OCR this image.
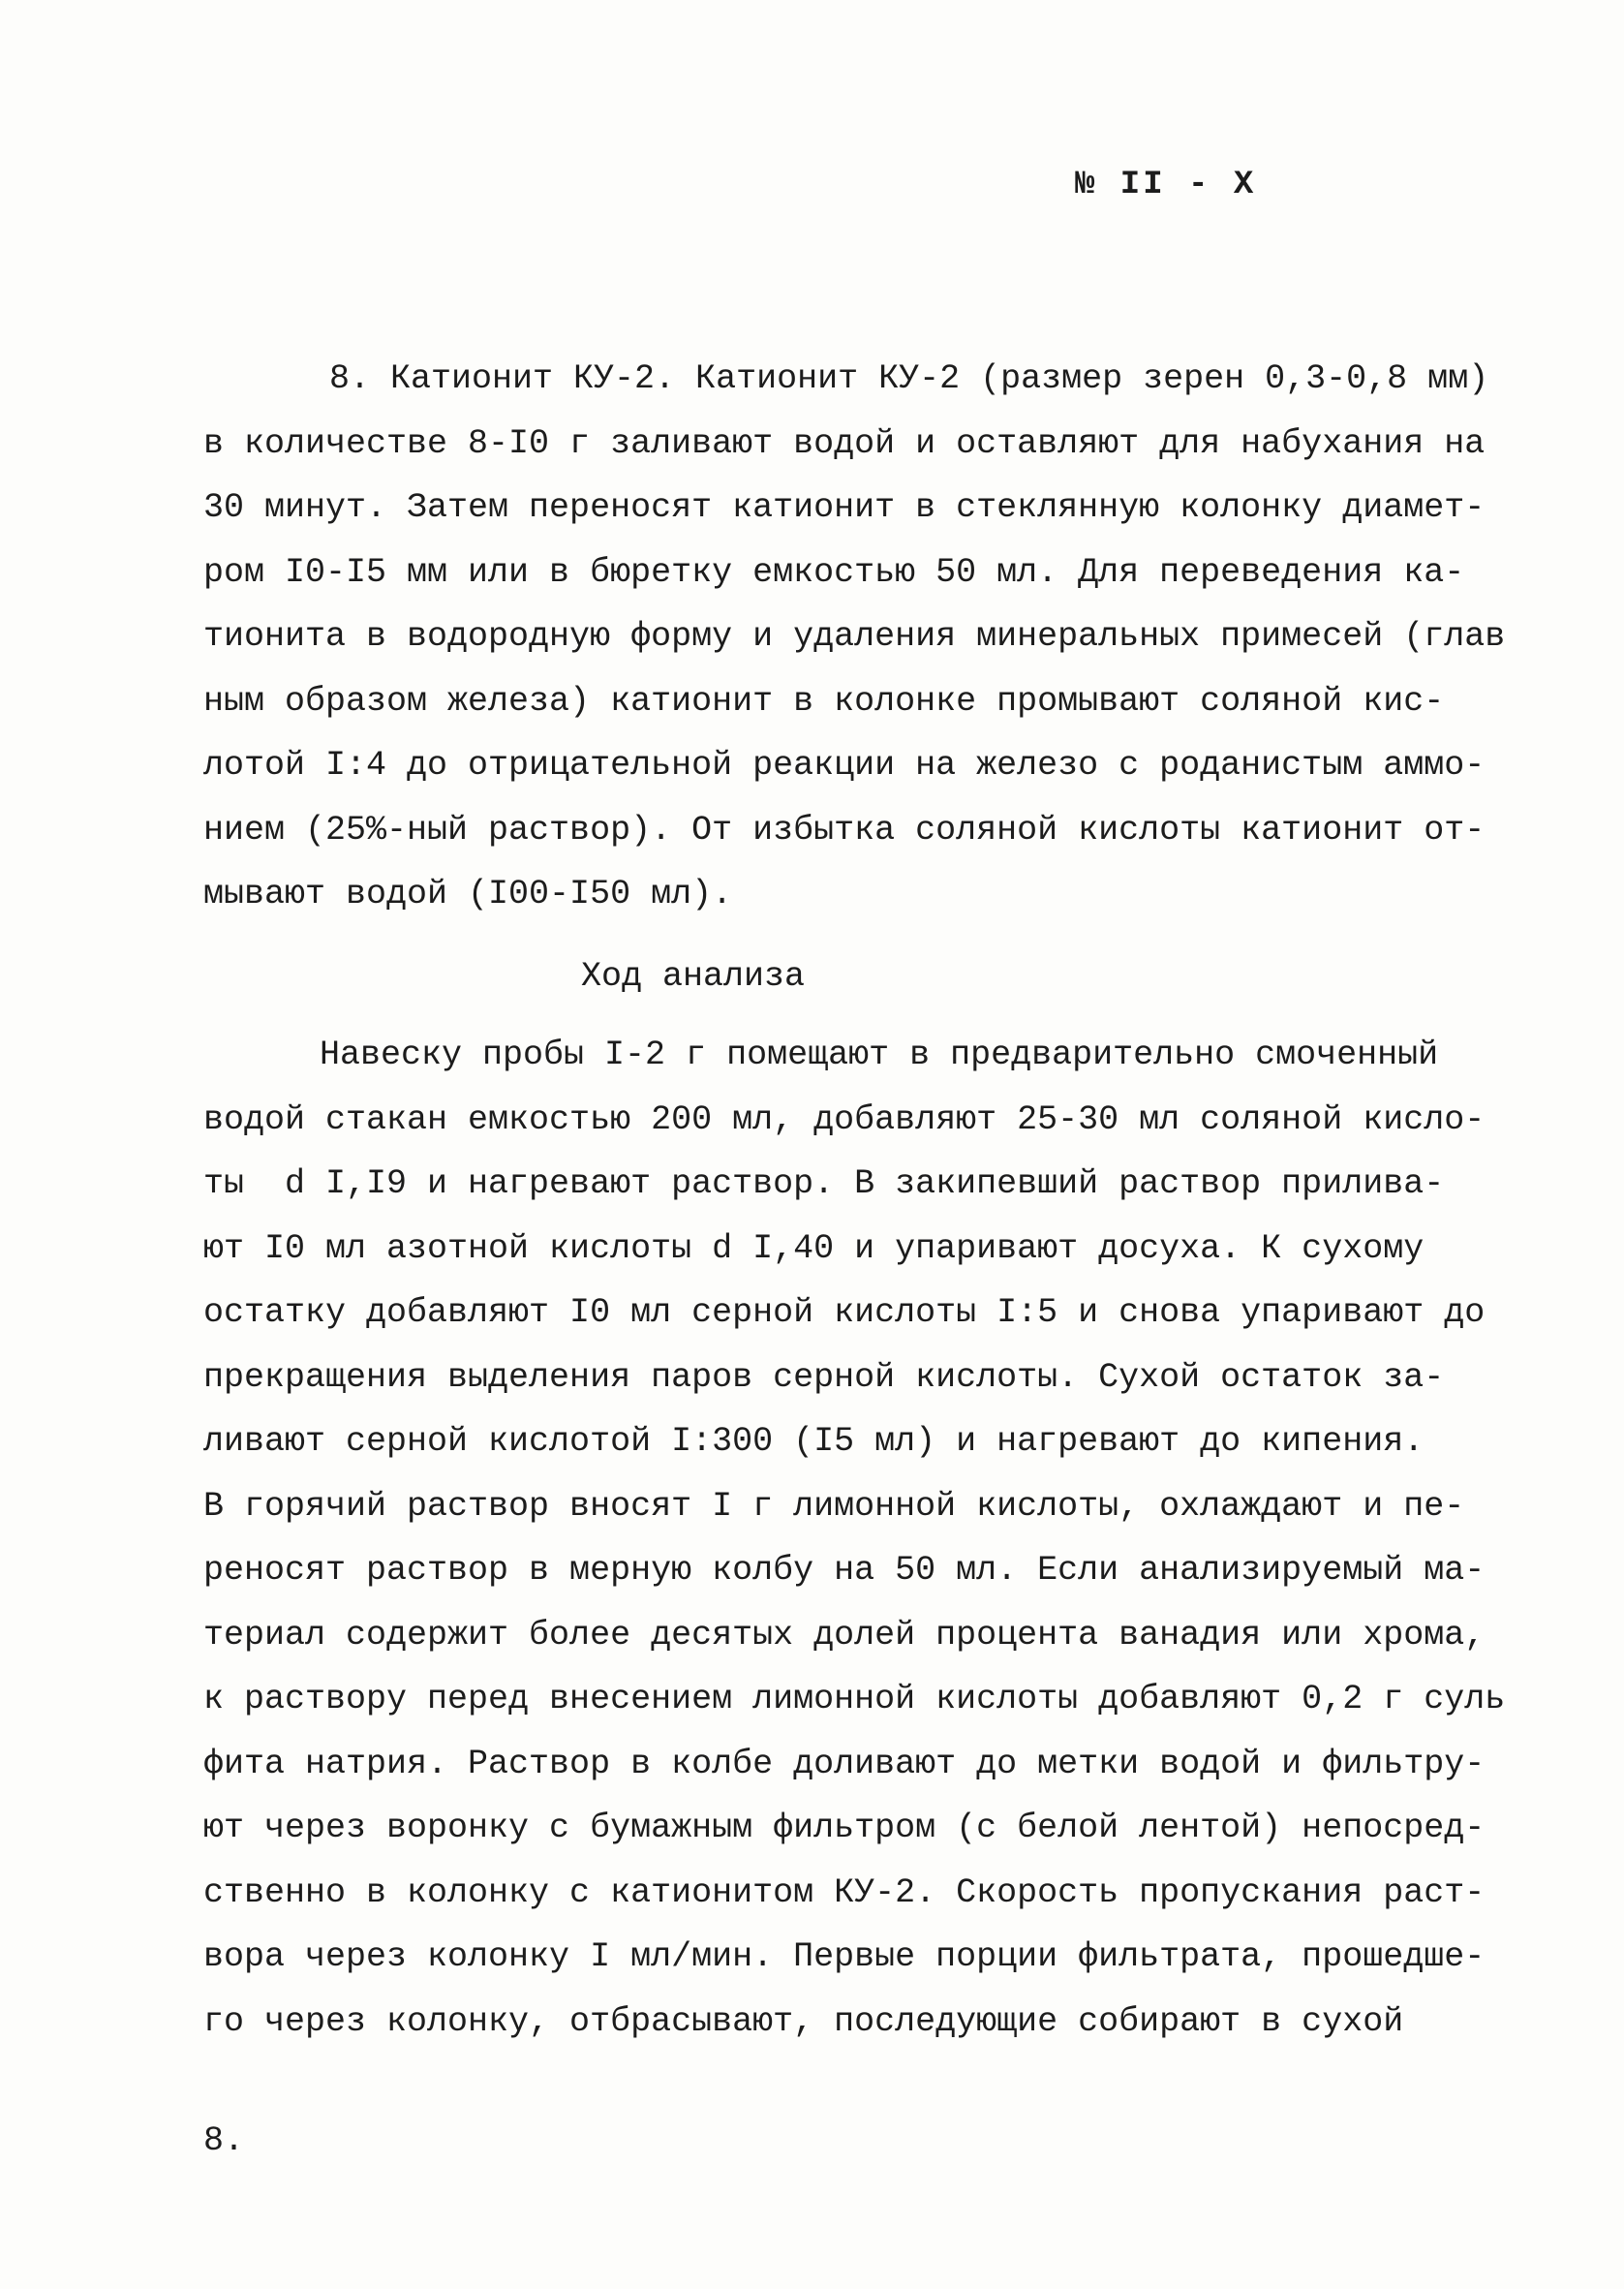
№ II - X
8. Катионит КУ-2. Катионит КУ-2 (размер зерен 0,3-0,8 мм)
в количестве 8-I0 г заливают водой и оставляют для набухания на
30 минут. Затем переносят катионит в стеклянную колонку диамет-
ром I0-I5 мм или в бюретку емкостью 50 мл. Для переведения ка-
тионита в водородную форму и удаления минеральных примесей (глав
ным образом железа) катионит в колонке промывают соляной кис-
лотой I:4 до отрицательной реакции на железо с роданистым аммо-
нием (25%-ный раствор). От избытка соляной кислоты катионит от-
мывают водой (I00-I50 мл).
Ход анализа
Навеску пробы I-2 г помещают в предварительно смоченный
водой стакан емкостью 200 мл, добавляют 25-30 мл соляной кисло-
ты  d I,I9 и нагревают раствор. В закипевший раствор прилива-
ют I0 мл азотной кислоты d I,40 и упаривают досуха. К сухому
остатку добавляют I0 мл серной кислоты I:5 и снова упаривают до
прекращения выделения паров серной кислоты. Сухой остаток за-
ливают серной кислотой I:300 (I5 мл) и нагревают до кипения.
В горячий раствор вносят I г лимонной кислоты, охлаждают и пе-
реносят раствор в мерную колбу на 50 мл. Если анализируемый ма-
териал содержит более десятых долей процента ванадия или хрома,
к раствору перед внесением лимонной кислоты добавляют 0,2 г суль
фита натрия. Раствор в колбе доливают до метки водой и фильтру-
ют через воронку с бумажным фильтром (с белой лентой) непосред-
ственно в колонку с катионитом КУ-2. Скорость пропускания раст-
вора через колонку I мл/мин. Первые порции фильтрата, прошедше-
го через колонку, отбрасывают, последующие собирают в сухой
8.
